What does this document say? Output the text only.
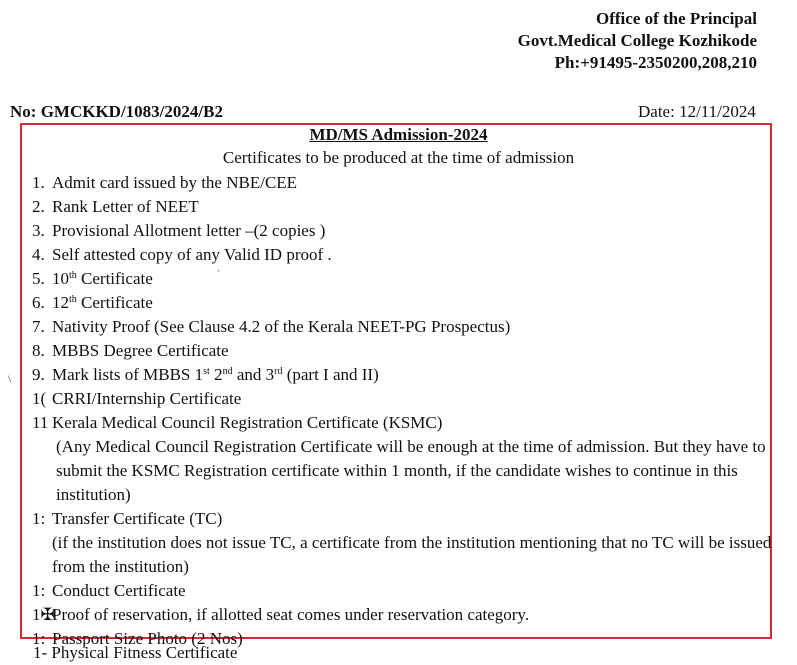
Office of the Principal
Govt.Medical College Kozhikode
Ph:+91495-2350200,208,210
No: GMCKKD/1083/2024/B2	Date: 12/11/2024
MD/MS Admission-2024
Certificates to be produced at the time of admission
1. Admit card issued by the NBE/CEE
2. Rank Letter of NEET
3. Provisional Allotment letter –(2 copies )
4. Self attested copy of any Valid ID proof .
5. 10th Certificate
6. 12th Certificate
7. Nativity Proof (See Clause 4.2 of the Kerala NEET-PG Prospectus)
8. MBBS Degree Certificate
9. Mark lists of MBBS 1st 2nd and 3rd (part I and II)
1( CRRI/Internship Certificate
11 Kerala Medical Council Registration Certificate (KSMC)
(Any Medical Council Registration Certificate will be enough at the time of admission. But they have to
submit the KSMC Registration certificate within 1 month, if the candidate wishes to continue in this
institution)
1: Transfer Certificate (TC)
(if the institution does not issue TC, a certificate from the institution mentioning that no TC will be issued
from the institution)
1: Conduct Certificate
1✠
Proof of reservation, if allotted seat comes under reservation category.
1: Passport Size Photo (2 Nos)
\
'
1‐ Physical Fitness Certificate
